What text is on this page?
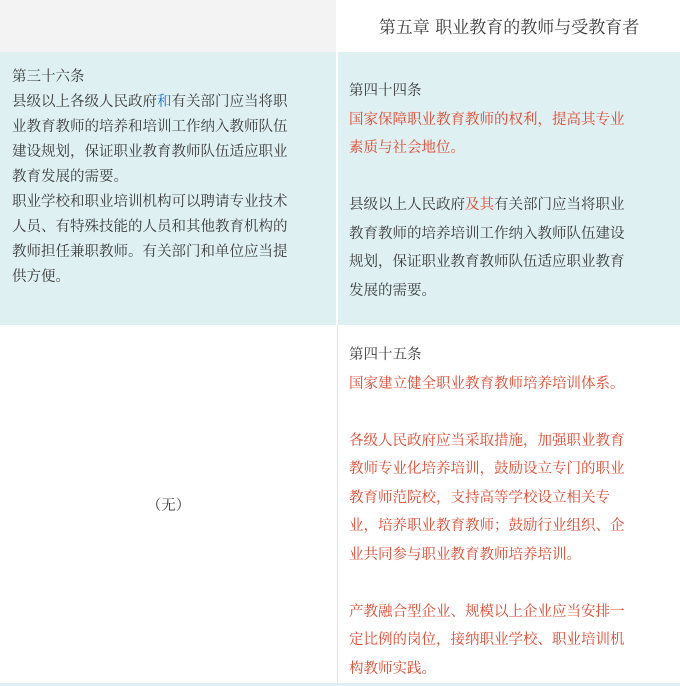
第五章 职业教育的教师与受教育者
第三十六条
县级以上各级人民政府和有关部门应当将职
业教育教师的培养和培训工作纳入教师队伍
建设规划，保证职业教育教师队伍适应职业
教育发展的需要。
职业学校和职业培训机构可以聘请专业技术
人员、有特殊技能的人员和其他教育机构的
教师担任兼职教师。有关部门和单位应当提
供方便。
第四十四条
国家保障职业教育教师的权利，提高其专业
素质与社会地位。
县级以上人民政府及其有关部门应当将职业
教育教师的培养培训工作纳入教师队伍建设
规划，保证职业教育教师队伍适应职业教育
发展的需要。
（无）
第四十五条
国家建立健全职业教育教师培养培训体系。
各级人民政府应当采取措施，加强职业教育
教师专业化培养培训，鼓励设立专门的职业
教育师范院校，支持高等学校设立相关专
业，培养职业教育教师；鼓励行业组织、企
业共同参与职业教育教师培养培训。
产教融合型企业、规模以上企业应当安排一
定比例的岗位，接纳职业学校、职业培训机
构教师实践。
